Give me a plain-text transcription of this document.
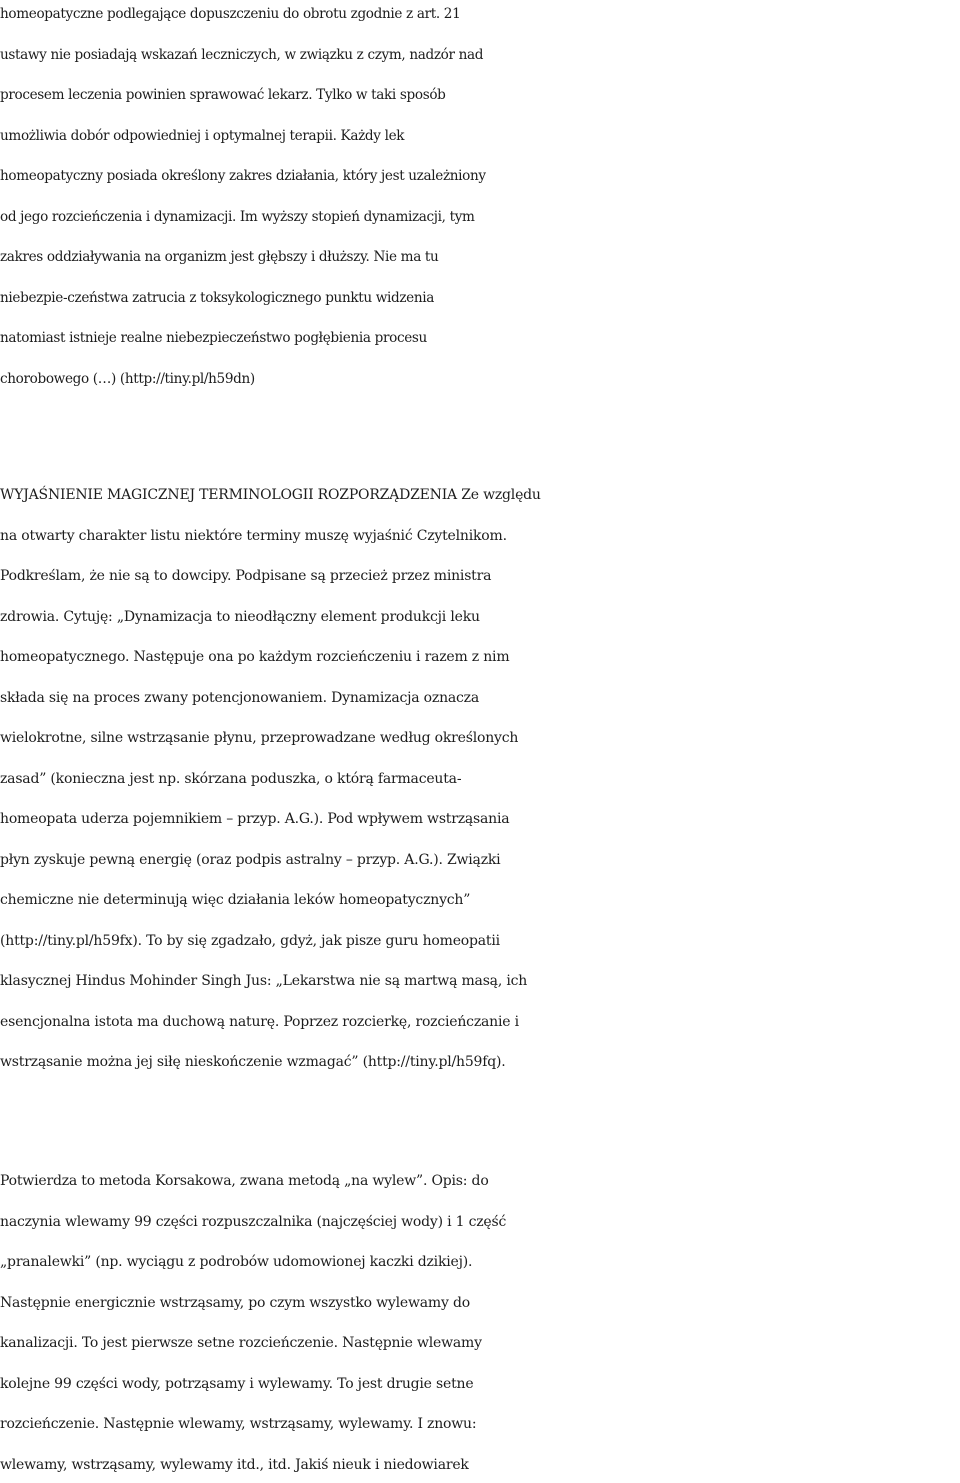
homeopatyczne podlegające dopuszczeniu do obrotu zgodnie z art. 21
ustawy nie posiadają wskazań leczniczych, w związku z czym, nadzór nad
procesem leczenia powinien sprawować lekarz. Tylko w taki sposób
umożliwia dobór odpowiedniej i optymalnej terapii. Każdy lek
homeopatyczny posiada określony zakres działania, który jest uzależniony
od jego rozcieńczenia i dynamizacji. Im wyższy stopień dynamizacji, tym
zakres oddziaływania na organizm jest głębszy i dłuższy. Nie ma tu
niebezpie-czeństwa zatrucia z toksykologicznego punktu widzenia
natomiast istnieje realne niebezpieczeństwo pogłębienia procesu
chorobowego (…) (http://tiny.pl/h59dn)
WYJAŚNIENIE MAGICZNEJ TERMINOLOGII ROZPORZĄDZENIA Ze względu
na otwarty charakter listu niektóre terminy muszę wyjaśnić Czytelnikom.
Podkreślam, że nie są to dowcipy. Podpisane są przecież przez ministra
zdrowia. Cytuję: „Dynamizacja to nieodłączny element produkcji leku
homeopatycznego. Następuje ona po każdym rozcieńczeniu i razem z nim
składa się na proces zwany potencjonowaniem. Dynamizacja oznacza
wielokrotne, silne wstrząsanie płynu, przeprowadzane według określonych
zasad” (konieczna jest np. skórzana poduszka, o którą farmaceuta-
homeopata uderza pojemnikiem – przyp. A.G.). Pod wpływem wstrząsania
płyn zyskuje pewną energię (oraz podpis astralny – przyp. A.G.). Związki
chemiczne nie determinują więc działania leków homeopatycznych”
(http://tiny.pl/h59fx). To by się zgadzało, gdyż, jak pisze guru homeopatii
klasycznej Hindus Mohinder Singh Jus: „Lekarstwa nie są martwą masą, ich
esencjonalna istota ma duchową naturę. Poprzez rozcierkę, rozcieńczanie i
wstrząsanie można jej siłę nieskończenie wzmagać” (http://tiny.pl/h59fq).
Potwierdza to metoda Korsakowa, zwana metodą „na wylew”. Opis: do
naczynia wlewamy 99 części rozpuszczalnika (najczęściej wody) i 1 część
„pranalewki” (np. wyciągu z podrobów udomowionej kaczki dzikiej).
Następnie energicznie wstrząsamy, po czym wszystko wylewamy do
kanalizacji. To jest pierwsze setne rozcieńczenie. Następnie wlewamy
kolejne 99 części wody, potrząsamy i wylewamy. To jest drugie setne
rozcieńczenie. Następnie wlewamy, wstrząsamy, wylewamy. I znowu:
wlewamy, wstrząsamy, wylewamy itd., itd. Jakiś nieuk i niedowiarek
